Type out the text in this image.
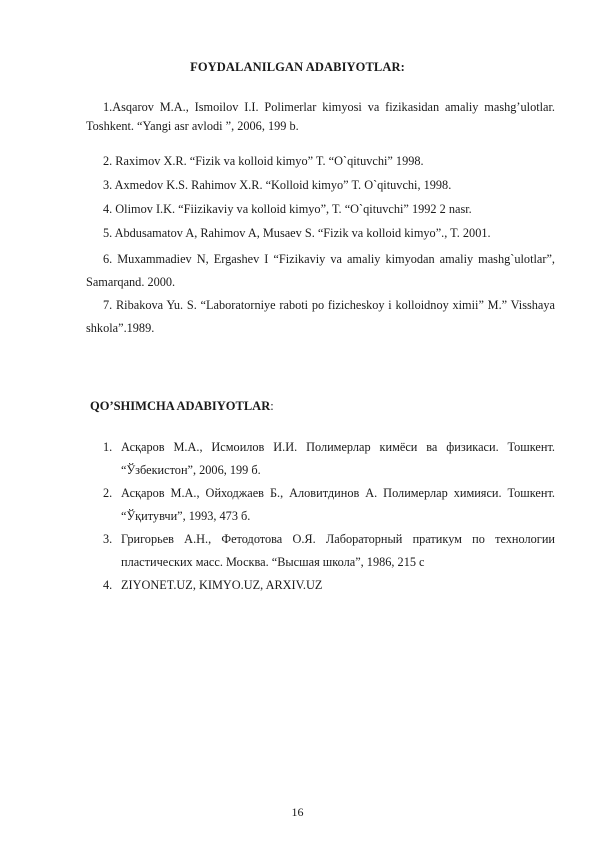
FOYDALANILGAN ADABIYOTLAR:
1.Asqarov M.A., Ismoilov I.I. Polimerlar kimyosi va fizikasidan amaliy mashg’ulotlar. Toshkent. “Yangi asr avlodi ”, 2006, 199 b.
2. Raximov X.R. “Fizik va kolloid kimyo” T. “O`qituvchi” 1998.
3. Axmedov K.S. Rahimov X.R. “Kolloid kimyo” T. O`qituvchi, 1998.
4. Olimov I.K. “Fiizikaviy va kolloid kimyo”, T. “O`qituvchi” 1992 2 nasr.
5. Abdusamatov A, Rahimov A, Musaev S. “Fizik va kolloid kimyo”., T. 2001.
6. Muxammadiev N, Ergashev I “Fizikaviy va amaliy kimyodan amaliy mashg`ulotlar”, Samarqand. 2000.
7. Ribakova Yu. S. “Laboratorniye raboti po fizicheskoy i kolloidnoy ximii” M.” Visshaya shkola”.1989.
QO’SHIMCHA ADABIYOTLAR:
1. Асқаров М.А., Исмоилов И.И. Полимерлар кимёси ва физикаси. Тошкент. “Ўзбекистон”, 2006, 199 б.
2. Асқаров М.А., Ойходжаев Б., Аловитдинов А. Полимерлар химияси. Тошкент. “Ўқитувчи”, 1993, 473 б.
3. Григорьев А.Н., Фетодотова О.Я. Лабораторный пратикум по технологии пластических масс. Москва. “Высшая школа”, 1986, 215 с
4. ZIYONET.UZ, KIMYO.UZ, ARXIV.UZ
16
